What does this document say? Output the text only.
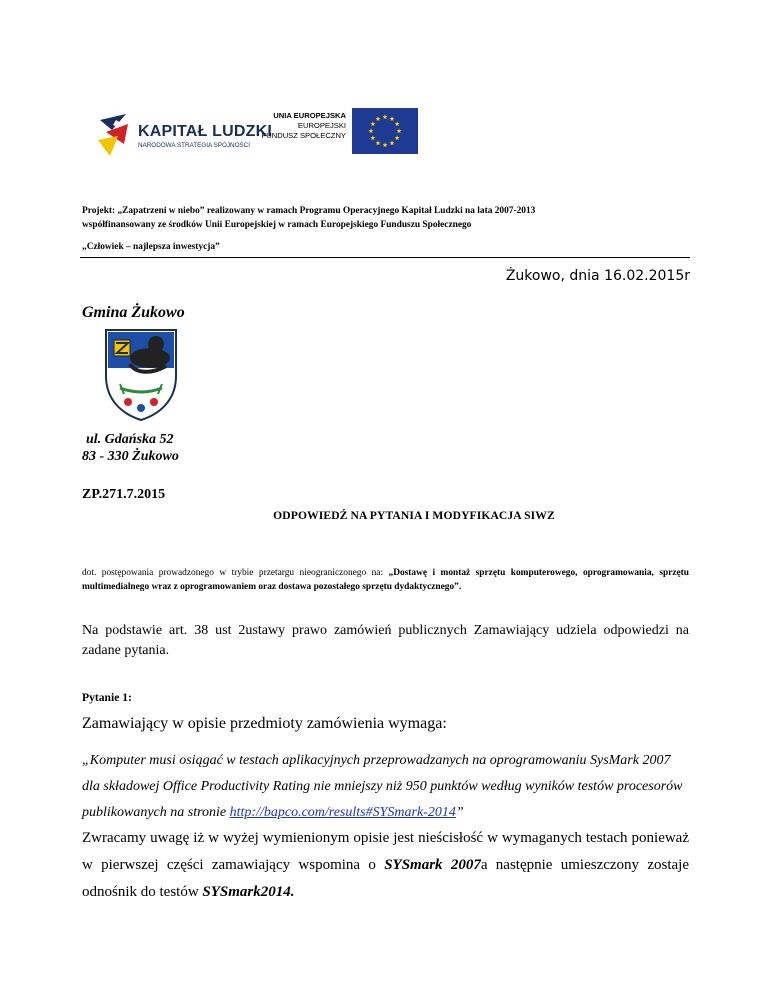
KAPITAŁ LUDZKI
NARODOWA STRATEGIA SPÓJNOŚCI
UNIA EUROPEJSKA
EUROPEJSKI
FUNDUSZ SPOŁECZNY
Projekt: „Zapatrzeni w niebo” realizowany w ramach Programu Operacyjnego Kapitał Ludzki na lata 2007-2013
współfinansowany ze środków Unii Europejskiej w ramach Europejskiego Funduszu Społecznego
„Człowiek – najlepsza inwestycja”
Żukowo, dnia 16.02.2015r
Gmina Żukowo
ul. Gdańska 52
83 - 330 Żukowo
ZP.271.7.2015
ODPOWIEDŹ NA PYTANIA I MODYFIKACJA SIWZ
dot. postępowania prowadzonego w trybie przetargu nieograniczonego na: „Dostawę i montaż sprzętu komputerowego, oprogramowania, sprzętu multimedialnego wraz z oprogramowaniem oraz dostawa pozostałego sprzętu dydaktycznego”.
Na podstawie art. 38 ust 2ustawy prawo zamówień publicznych Zamawiający udziela odpowiedzi na zadane pytania.
Pytanie 1:
Zamawiający w opisie przedmioty zamówienia wymaga:
„Komputer musi osiągać w testach aplikacyjnych przeprowadzanych na oprogramowaniu SysMark 2007 dla składowej Office Productivity Rating nie mniejszy niż 950 punktów według wyników testów procesorów publikowanych na stronie http://bapco.com/results#SYSmark-2014”
Zwracamy uwagę iż w wyżej wymienionym opisie jest nieścisłość w wymaganych testach ponieważ w pierwszej części zamawiający wspomina o SYSmark 2007a następnie umieszczony zostaje odnośnik do testów SYSmark2014.
